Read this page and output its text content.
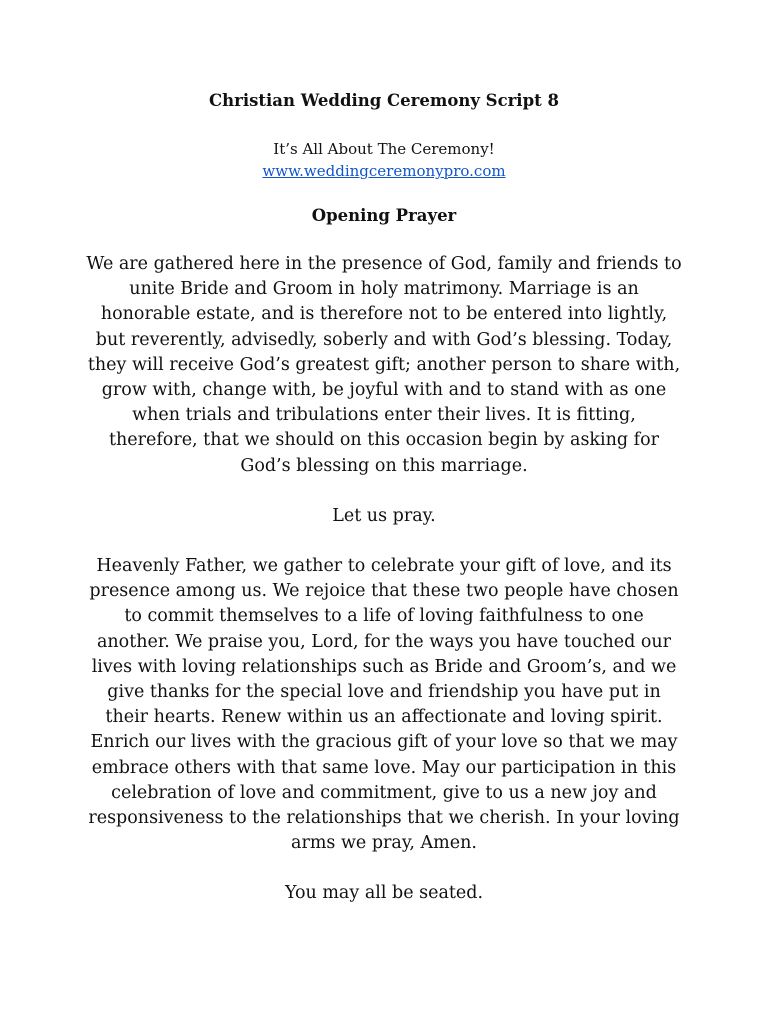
Christian Wedding Ceremony Script 8

It’s All About The Ceremony!

www.weddingceremonypro.com
Opening Prayer

We are gathered here in the presence of God, family and friends to unite Bride and Groom in holy matrimony. Marriage is an honorable estate, and is therefore not to be entered into lightly, but reverently, advisedly, soberly and with God’s blessing. Today, they will receive God’s greatest gift; another person to share with, grow with, change with, be joyful with and to stand with as one when trials and tribulations enter their lives. It is fitting, therefore, that we should on this occasion begin by asking for God’s blessing on this marriage.

Let us pray.

Heavenly Father, we gather to celebrate your gift of love, and its presence among us. We rejoice that these two people have chosen to commit themselves to a life of loving faithfulness to one another. We praise you, Lord, for the ways you have touched our lives with loving relationships such as Bride and Groom’s, and we give thanks for the special love and friendship you have put in their hearts. Renew within us an affectionate and loving spirit. Enrich our lives with the gracious gift of your love so that we may embrace others with that same love. May our participation in this celebration of love and commitment, give to us a new joy and responsiveness to the relationships that we cherish. In your loving arms we pray, Amen.

You may all be seated.
